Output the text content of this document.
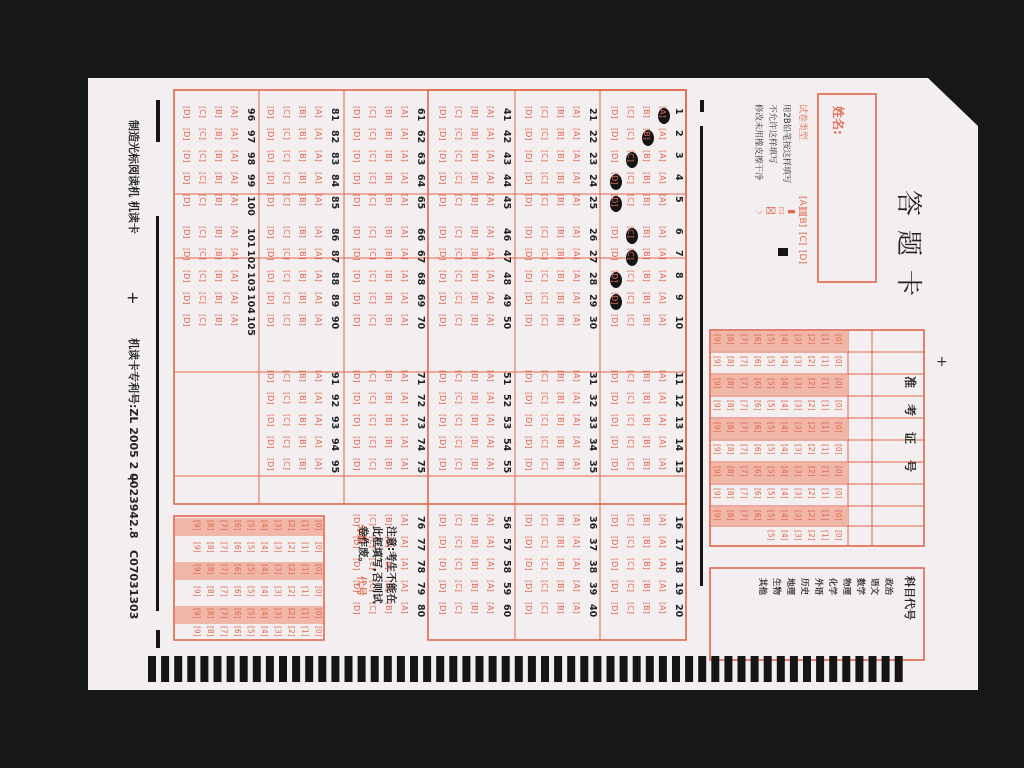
+
+
+
1
[A]
[B]
[C]
[D]
2
[A]
[B]
[C]
[D]
3
[A]
[B]
[C]
[D]
4
[A]
[B]
[C]
[D]
5
[A]
[B]
[C]
[D]
6
[A]
[B]
[C]
[D]
7
[A]
[B]
[C]
[D]
8
[A]
[B]
[C]
[D]
9
[A]
[B]
[C]
[D]
10
[A]
[B]
[C]
[D]
11
[A]
[B]
[C]
[D]
12
[A]
[B]
[C]
[D]
13
[A]
[B]
[C]
[D]
14
[A]
[B]
[C]
[D]
15
[A]
[B]
[C]
[D]
16
[A]
[B]
[C]
[D]
17
[A]
[B]
[C]
[D]
18
[A]
[B]
[C]
[D]
19
[A]
[B]
[C]
[D]
20
[A]
[B]
[C]
[D]
21
[A]
[B]
[C]
[D]
22
[A]
[B]
[C]
[D]
23
[A]
[B]
[C]
[D]
24
[A]
[B]
[C]
[D]
25
[A]
[B]
[C]
[D]
26
[A]
[B]
[C]
[D]
27
[A]
[B]
[C]
[D]
28
[A]
[B]
[C]
[D]
29
[A]
[B]
[C]
[D]
30
[A]
[B]
[C]
[D]
31
[A]
[B]
[C]
[D]
32
[A]
[B]
[C]
[D]
33
[A]
[B]
[C]
[D]
34
[A]
[B]
[C]
[D]
35
[A]
[B]
[C]
[D]
36
[A]
[B]
[C]
[D]
37
[A]
[B]
[C]
[D]
38
[A]
[B]
[C]
[D]
39
[A]
[B]
[C]
[D]
40
[A]
[B]
[C]
[D]
41
[A]
[B]
[C]
[D]
42
[A]
[B]
[C]
[D]
43
[A]
[B]
[C]
[D]
44
[A]
[B]
[C]
[D]
45
[A]
[B]
[C]
[D]
46
[A]
[B]
[C]
[D]
47
[A]
[B]
[C]
[D]
48
[A]
[B]
[C]
[D]
49
[A]
[B]
[C]
[D]
50
[A]
[B]
[C]
[D]
51
[A]
[B]
[C]
[D]
52
[A]
[B]
[C]
[D]
53
[A]
[B]
[C]
[D]
54
[A]
[B]
[C]
[D]
55
[A]
[B]
[C]
[D]
56
[A]
[B]
[C]
[D]
57
[A]
[B]
[C]
[D]
58
[A]
[B]
[C]
[D]
59
[A]
[B]
[C]
[D]
60
[A]
[B]
[C]
[D]
61
[A]
[B]
[C]
[D]
62
[A]
[B]
[C]
[D]
63
[A]
[B]
[C]
[D]
64
[A]
[B]
[C]
[D]
65
[A]
[B]
[C]
[D]
66
[A]
[B]
[C]
[D]
67
[A]
[B]
[C]
[D]
68
[A]
[B]
[C]
[D]
69
[A]
[B]
[C]
[D]
70
[A]
[B]
[C]
[D]
71
[A]
[B]
[C]
[D]
72
[A]
[B]
[C]
[D]
73
[A]
[B]
[C]
[D]
74
[A]
[B]
[C]
[D]
75
[A]
[B]
[C]
[D]
76
[A]
[B]
[C]
[D]
77
[A]
[B]
[C]
[D]
78
[A]
[B]
[C]
[D]
79
[A]
[B]
[C]
[D]
80
[A]
[B]
[C]
[D]
81
[A]
[B]
[C]
[D]
82
[A]
[B]
[C]
[D]
83
[A]
[B]
[C]
[D]
84
[A]
[B]
[C]
[D]
85
[A]
[B]
[C]
[D]
86
[A]
[B]
[C]
[D]
87
[A]
[B]
[C]
[D]
88
[A]
[B]
[C]
[D]
89
[A]
[B]
[C]
[D]
90
[A]
[B]
[C]
[D]
91
[A]
[B]
[C]
[D]
92
[A]
[B]
[C]
[D]
93
[A]
[B]
[C]
[D]
94
[A]
[B]
[C]
[D]
95
[A]
[B]
[C]
[D]
96
[A]
[B]
[C]
[D]
97
[A]
[B]
[C]
[D]
98
[A]
[B]
[C]
[D]
99
[A]
[B]
[C]
[D]
100
[A]
[B]
[C]
[D]
101
[A]
[B]
[C]
[D]
102
[A]
[B]
[C]
[D]
103
[A]
[B]
[C]
[D]
104
[A]
[B]
[C]
[D]
105
[A]
[B]
[C]
[D]
[0]
[1]
[2]
[3]
[4]
[5]
[6]
[7]
[8]
[9]
[0]
[1]
[2]
[3]
[4]
[5]
[6]
[7]
[8]
[9]
[0]
[1]
[2]
[3]
[4]
[5]
[6]
[7]
[8]
[9]
[0]
[1]
[2]
[3]
[4]
[5]
[6]
[7]
[8]
[9]
[0]
[1]
[2]
[3]
[4]
[5]
[6]
[7]
[8]
[9]
[0]
[1]
[2]
[3]
[4]
[5]
[6]
[7]
[8]
[9]
[0]
[1]
[2]
[3]
[4]
[5]
[6]
[7]
[8]
[9]
[0]
[1]
[2]
[3]
[4]
[5]
[6]
[7]
[8]
[9]
[0]
[1]
[2]
[3]
[4]
[5]
[6]
[7]
[8]
[9]
[0]
[1]
[2]
[3]
[4]
[5]
[0]
[1]
[2]
[3]
[4]
[5]
[6]
[7]
[8]
[9]
[0]
[1]
[2]
[3]
[4]
[5]
[6]
[7]
[8]
[9]
[0]
[1]
[2]
[3]
[4]
[5]
[6]
[7]
[8]
[9]
[0]
[1]
[2]
[3]
[4]
[5]
[6]
[7]
[8]
[9]
[0]
[1]
[2]
[3]
[4]
[5]
[6]
[7]
[8]
[9]
[0]
[1]
[2]
[3]
[4]
[5]
[6]
[7]
[8]
[9]
答题卡
姓名:
试卷类型
[A]
[B]
[C]
[D]
用2B铅笔按这样填写
不允许这样填写
修改未用橡皮擦干净
⌵ ⌧ ⍁ ▬ ▤
准考证号
科目代号
政治
语文
数学
物理
化学
外语
历史
地理
生物
其他
分数
代号 注意:考生不能在
此框填写,否则试
卷作废。
制造光标阅读机 机读卡
机读卡专利号:ZL 2005 2 0023942.8
C07031303
